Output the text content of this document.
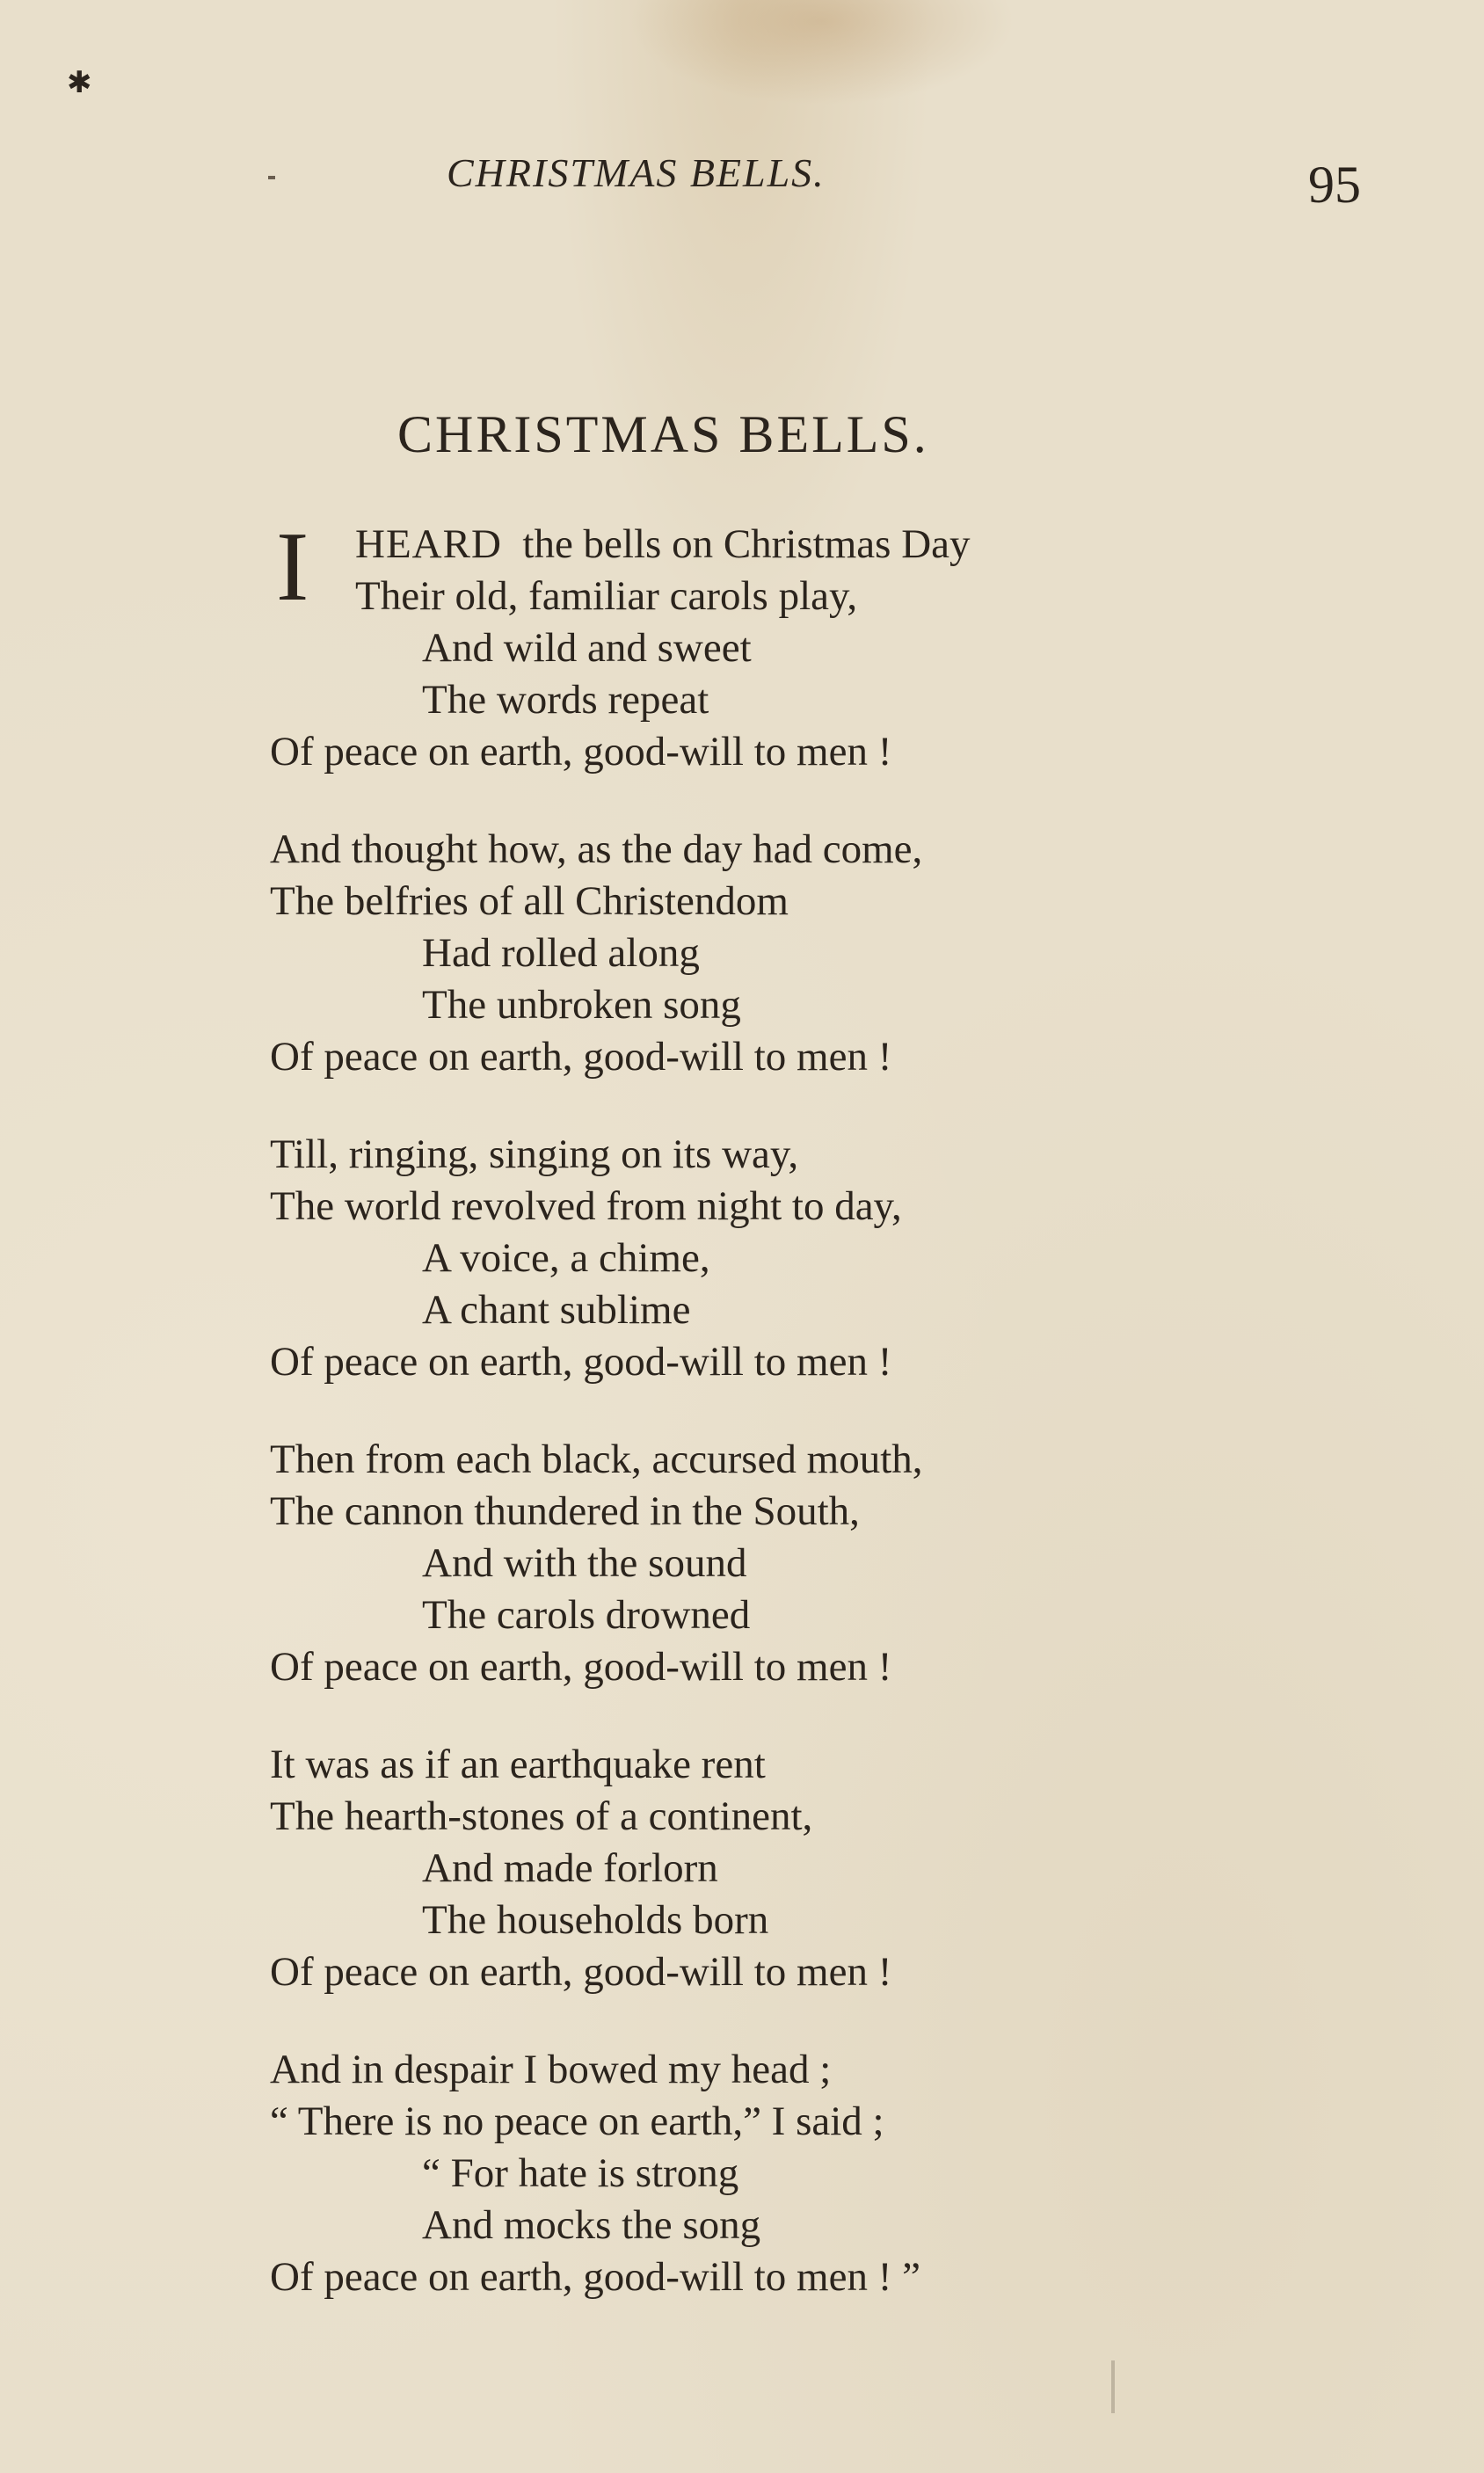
✱
CHRISTMAS BELLS.	95
CHRISTMAS BELLS.
I HEARD the bells on Christmas Day
Their old, familiar carols play,
And wild and sweet
The words repeat
Of peace on earth, good-will to men !
And thought how, as the day had come,
The belfries of all Christendom
Had rolled along
The unbroken song
Of peace on earth, good-will to men !
Till, ringing, singing on its way,
The world revolved from night to day,
A voice, a chime,
A chant sublime
Of peace on earth, good-will to men !
Then from each black, accursed mouth,
The cannon thundered in the South,
And with the sound
The carols drowned
Of peace on earth, good-will to men !
It was as if an earthquake rent
The hearth-stones of a continent,
And made forlorn
The households born
Of peace on earth, good-will to men !
And in despair I bowed my head ;
“ There is no peace on earth,” I said ;
“ For hate is strong
And mocks the song
Of peace on earth, good-will to men ! ”
